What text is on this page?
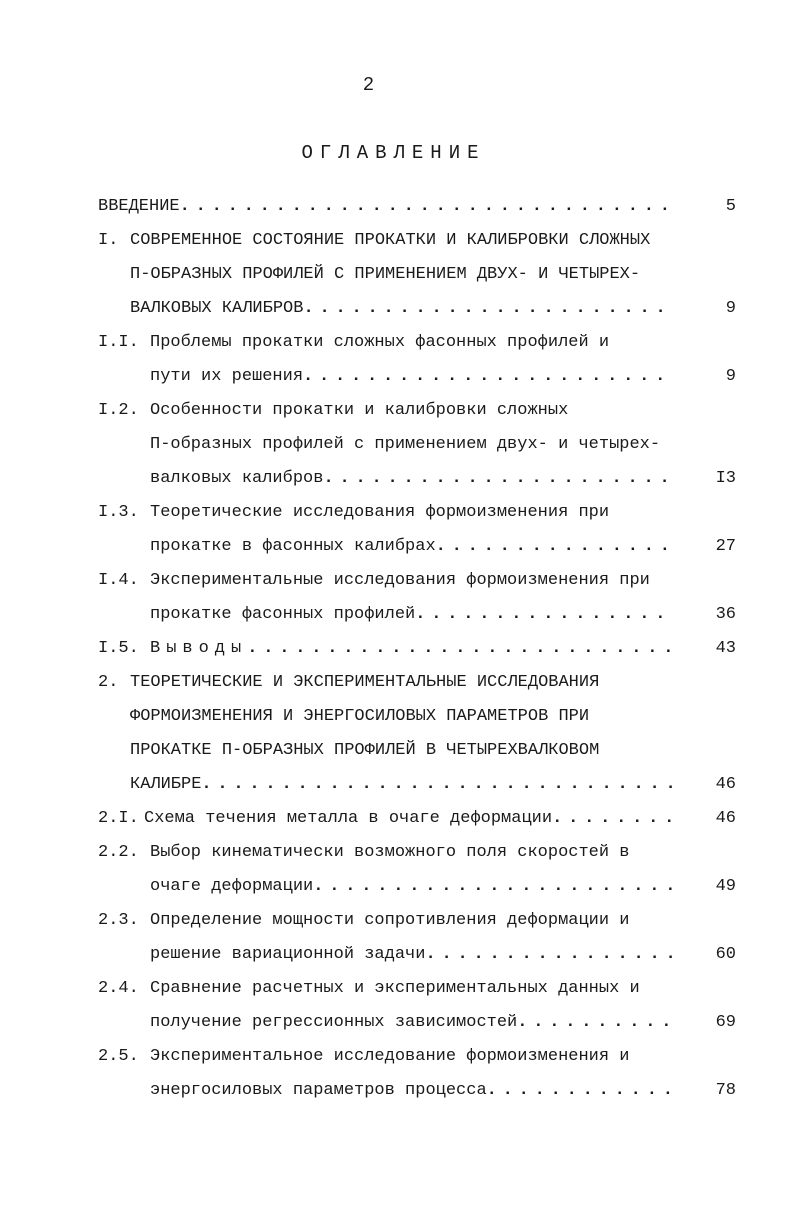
2
ОГЛАВЛЕНИЕ
ВВЕДЕНИЕ . . .	5
I. СОВРЕМЕННОЕ СОСТОЯНИЕ ПРОКАТКИ И КАЛИБРОВКИ СЛОЖНЫХ
П-ОБРАЗНЫХ ПРОФИЛЕЙ С ПРИМЕНЕНИЕМ ДВУХ- И ЧЕТЫРЕХ-
ВАЛКОВЫХ КАЛИБРОВ . . .	9
I.I. Проблемы прокатки сложных фасонных профилей и
пути их решения . . .	9
I.2. Особенности прокатки и калибровки сложных
П-образных профилей с применением двух- и четырех-
валковых калибров . . .	I3
I.3. Теоретические исследования формоизменения при
прокатке в фасонных калибрах . . .	27
I.4. Экспериментальные исследования формоизменения при
прокатке фасонных профилей . . .	36
I.5. Выводы . . .	43
2. ТЕОРЕТИЧЕСКИЕ И ЭКСПЕРИМЕНТАЛЬНЫЕ ИССЛЕДОВАНИЯ
ФОРМОИЗМЕНЕНИЯ И ЭНЕРГОСИЛОВЫХ ПАРАМЕТРОВ ПРИ
ПРОКАТКЕ П-ОБРАЗНЫХ ПРОФИЛЕЙ В ЧЕТЫРЕХВАЛКОВОМ
КАЛИБРЕ . . .	46
2.I. Схема течения металла в очаге деформации . . .	46
2.2. Выбор кинематически возможного поля скоростей в
очаге деформации . . .	49
2.3. Определение мощности сопротивления деформации и
решение вариационной задачи . . .	60
2.4. Сравнение расчетных и экспериментальных данных и
получение регрессионных зависимостей . . .	69
2.5. Экспериментальное исследование формоизменения и
энергосиловых параметров процесса . . .	78
